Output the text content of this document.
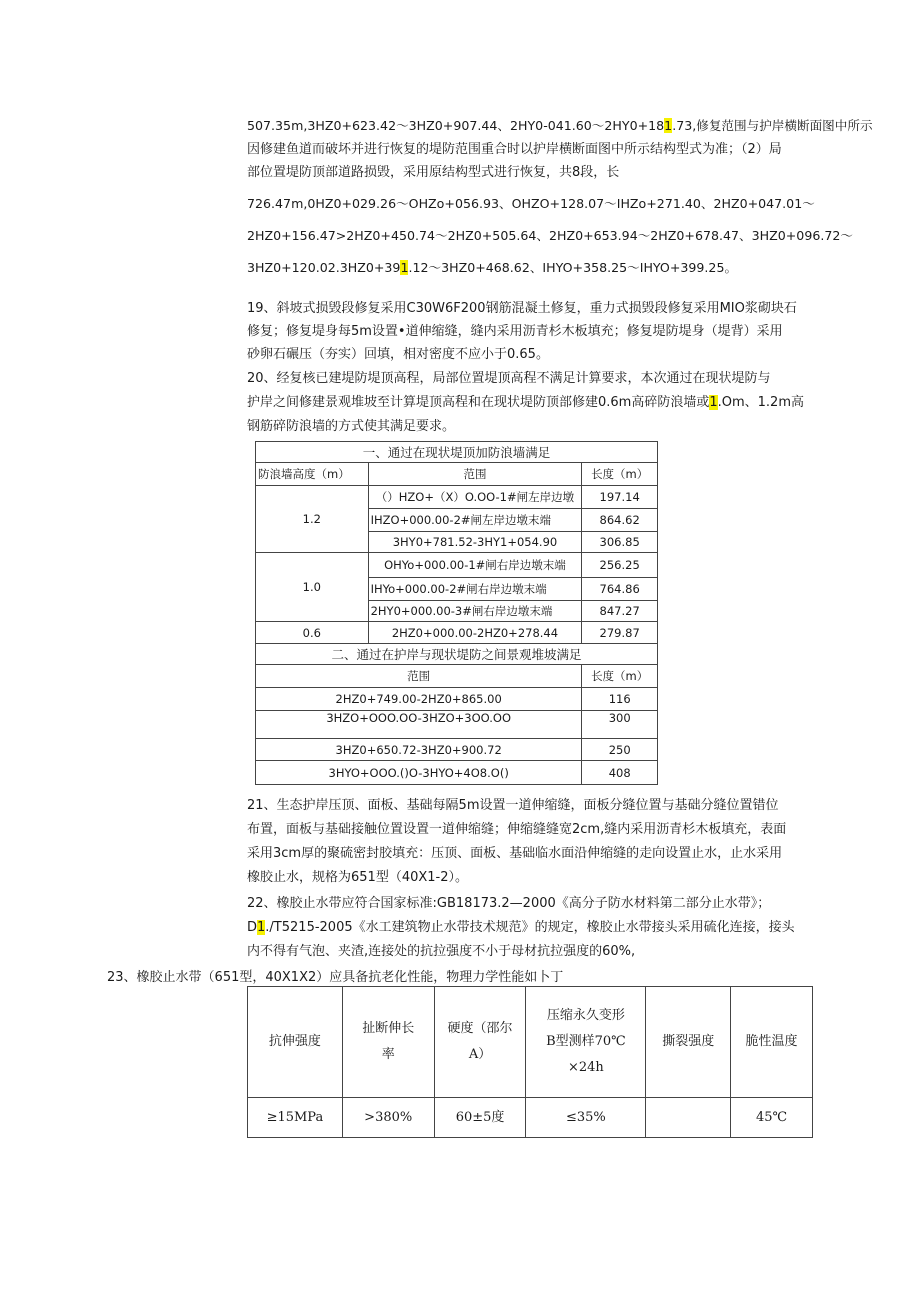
507.35m,3HZ0+623.42～3HZ0+907.44、2HY0-041.60～2HY0+181.73,修复范围与护岸横断面图中所示
因修建鱼道而破坏并进行恢复的堤防范围重合时以护岸横断面图中所示结构型式为准；（2）局
部位置堤防顶部道路损毁，采用原结构型式进行恢复，共8段，长
726.47m,0HZ0+029.26～OHZo+056.93、OHZO+128.07～IHZo+271.40、2HZ0+047.01～
2HZ0+156.47>2HZ0+450.74～2HZ0+505.64、2HZ0+653.94～2HZ0+678.47、3HZ0+096.72～
3HZ0+120.02.3HZ0+391.12～3HZ0+468.62、IHYO+358.25～IHYO+399.25。
19、斜坡式损毁段修复采用C30W6F200钢筋混凝土修复，重力式损毁段修复采用MIO浆砌块石
修复；修复堤身每5m设置•道伸缩缝，缝内采用沥青杉木板填充；修复堤防堤身（堤背）采用
砂卵石碾压（夯实）回填，相对密度不应小于0.65。
20、经复核已建堤防堤顶高程，局部位置堤顶高程不满足计算要求，本次通过在现状堤防与
护岸之间修建景观堆坡至计算堤顶高程和在现状堤防顶部修建0.6m高碎防浪墙或1.Om、1.2m高
钢筋碎防浪墙的方式使其满足要求。
一、通过在现状堤顶加防浪墙满足		
防浪墙高度（m）	范围	长度（m）
1.2	（）HZO+（X）O.OO-1#闸左岸边墩	197.14
	IHZO+000.00-2#闸左岸边墩末端	864.62
	3HY0+781.52-3HY1+054.90	306.85
1.0	OHYo+000.00-1#闸右岸边墩末端	256.25
	IHYo+000.00-2#闸右岸边墩末端	764.86
	2HY0+000.00-3#闸右岸边墩末端	847.27
0.6	2HZ0+000.00-2HZ0+278.44	279.87
二、通过在护岸与现状堤防之间景观堆坡满足		
范围		长度（m）
2HZ0+749.00-2HZ0+865.00		116
3HZO+OOO.OO-3HZO+3OO.OO		300
3HZ0+650.72-3HZ0+900.72		250
3HYO+OOO.()O-3HYO+4O8.O()		408
21、生态护岸压顶、面板、基础每隔5m设置一道伸缩缝，面板分缝位置与基础分缝位置错位
布置，面板与基础接触位置设置一道伸缩缝；伸缩缝缝宽2cm,缝内采用沥青杉木板填充，表面
采用3cm厚的聚硫密封胶填充：压顶、面板、基础临水面沿伸缩缝的走向设置止水，止水采用
橡胶止水，规格为651型（40X1-2）。
22、橡胶止水带应符合国家标准:GB18173.2—2000《高分子防水材料第二部分止水带》；
D1./T5215-2005《水工建筑物止水带技术规范》的规定，橡胶止水带接头采用硫化连接，接头
内不得有气泡、夹渣,连接处的抗拉强度不小于母材抗拉强度的60%,
23、橡胶止水带（651型，40X1X2）应具备抗老化性能，物理力学性能如卜丁
抗伸强度	扯断伸长
率	硬度（邵尔
A）	压缩永久变形
B型测样70℃
×24h	撕裂强度	脆性温度
≥15MPa	>380%	60±5度	≤35%		45℃
